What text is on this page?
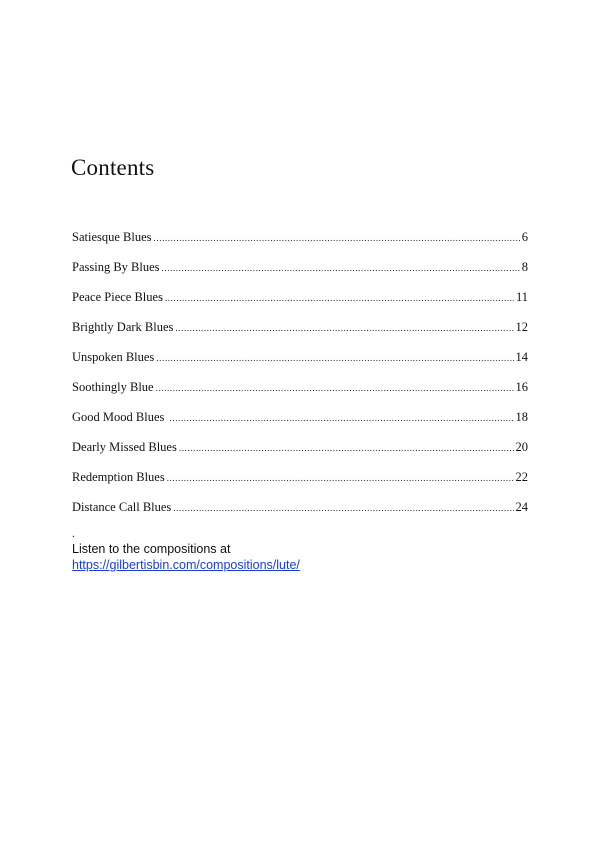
Contents
Satiesque Blues .....	6
Passing By Blues .....	8
Peace Piece Blues .....	11
Brightly Dark Blues .....	12
Unspoken Blues .....	14
Soothingly Blue .....	16
Good Mood Blues .....	18
Dearly Missed Blues .....	20
Redemption Blues .....	22
Distance Call Blues .....	24

.

Listen to the compositions at

https://gilbertisbin.com/compositions/lute/
